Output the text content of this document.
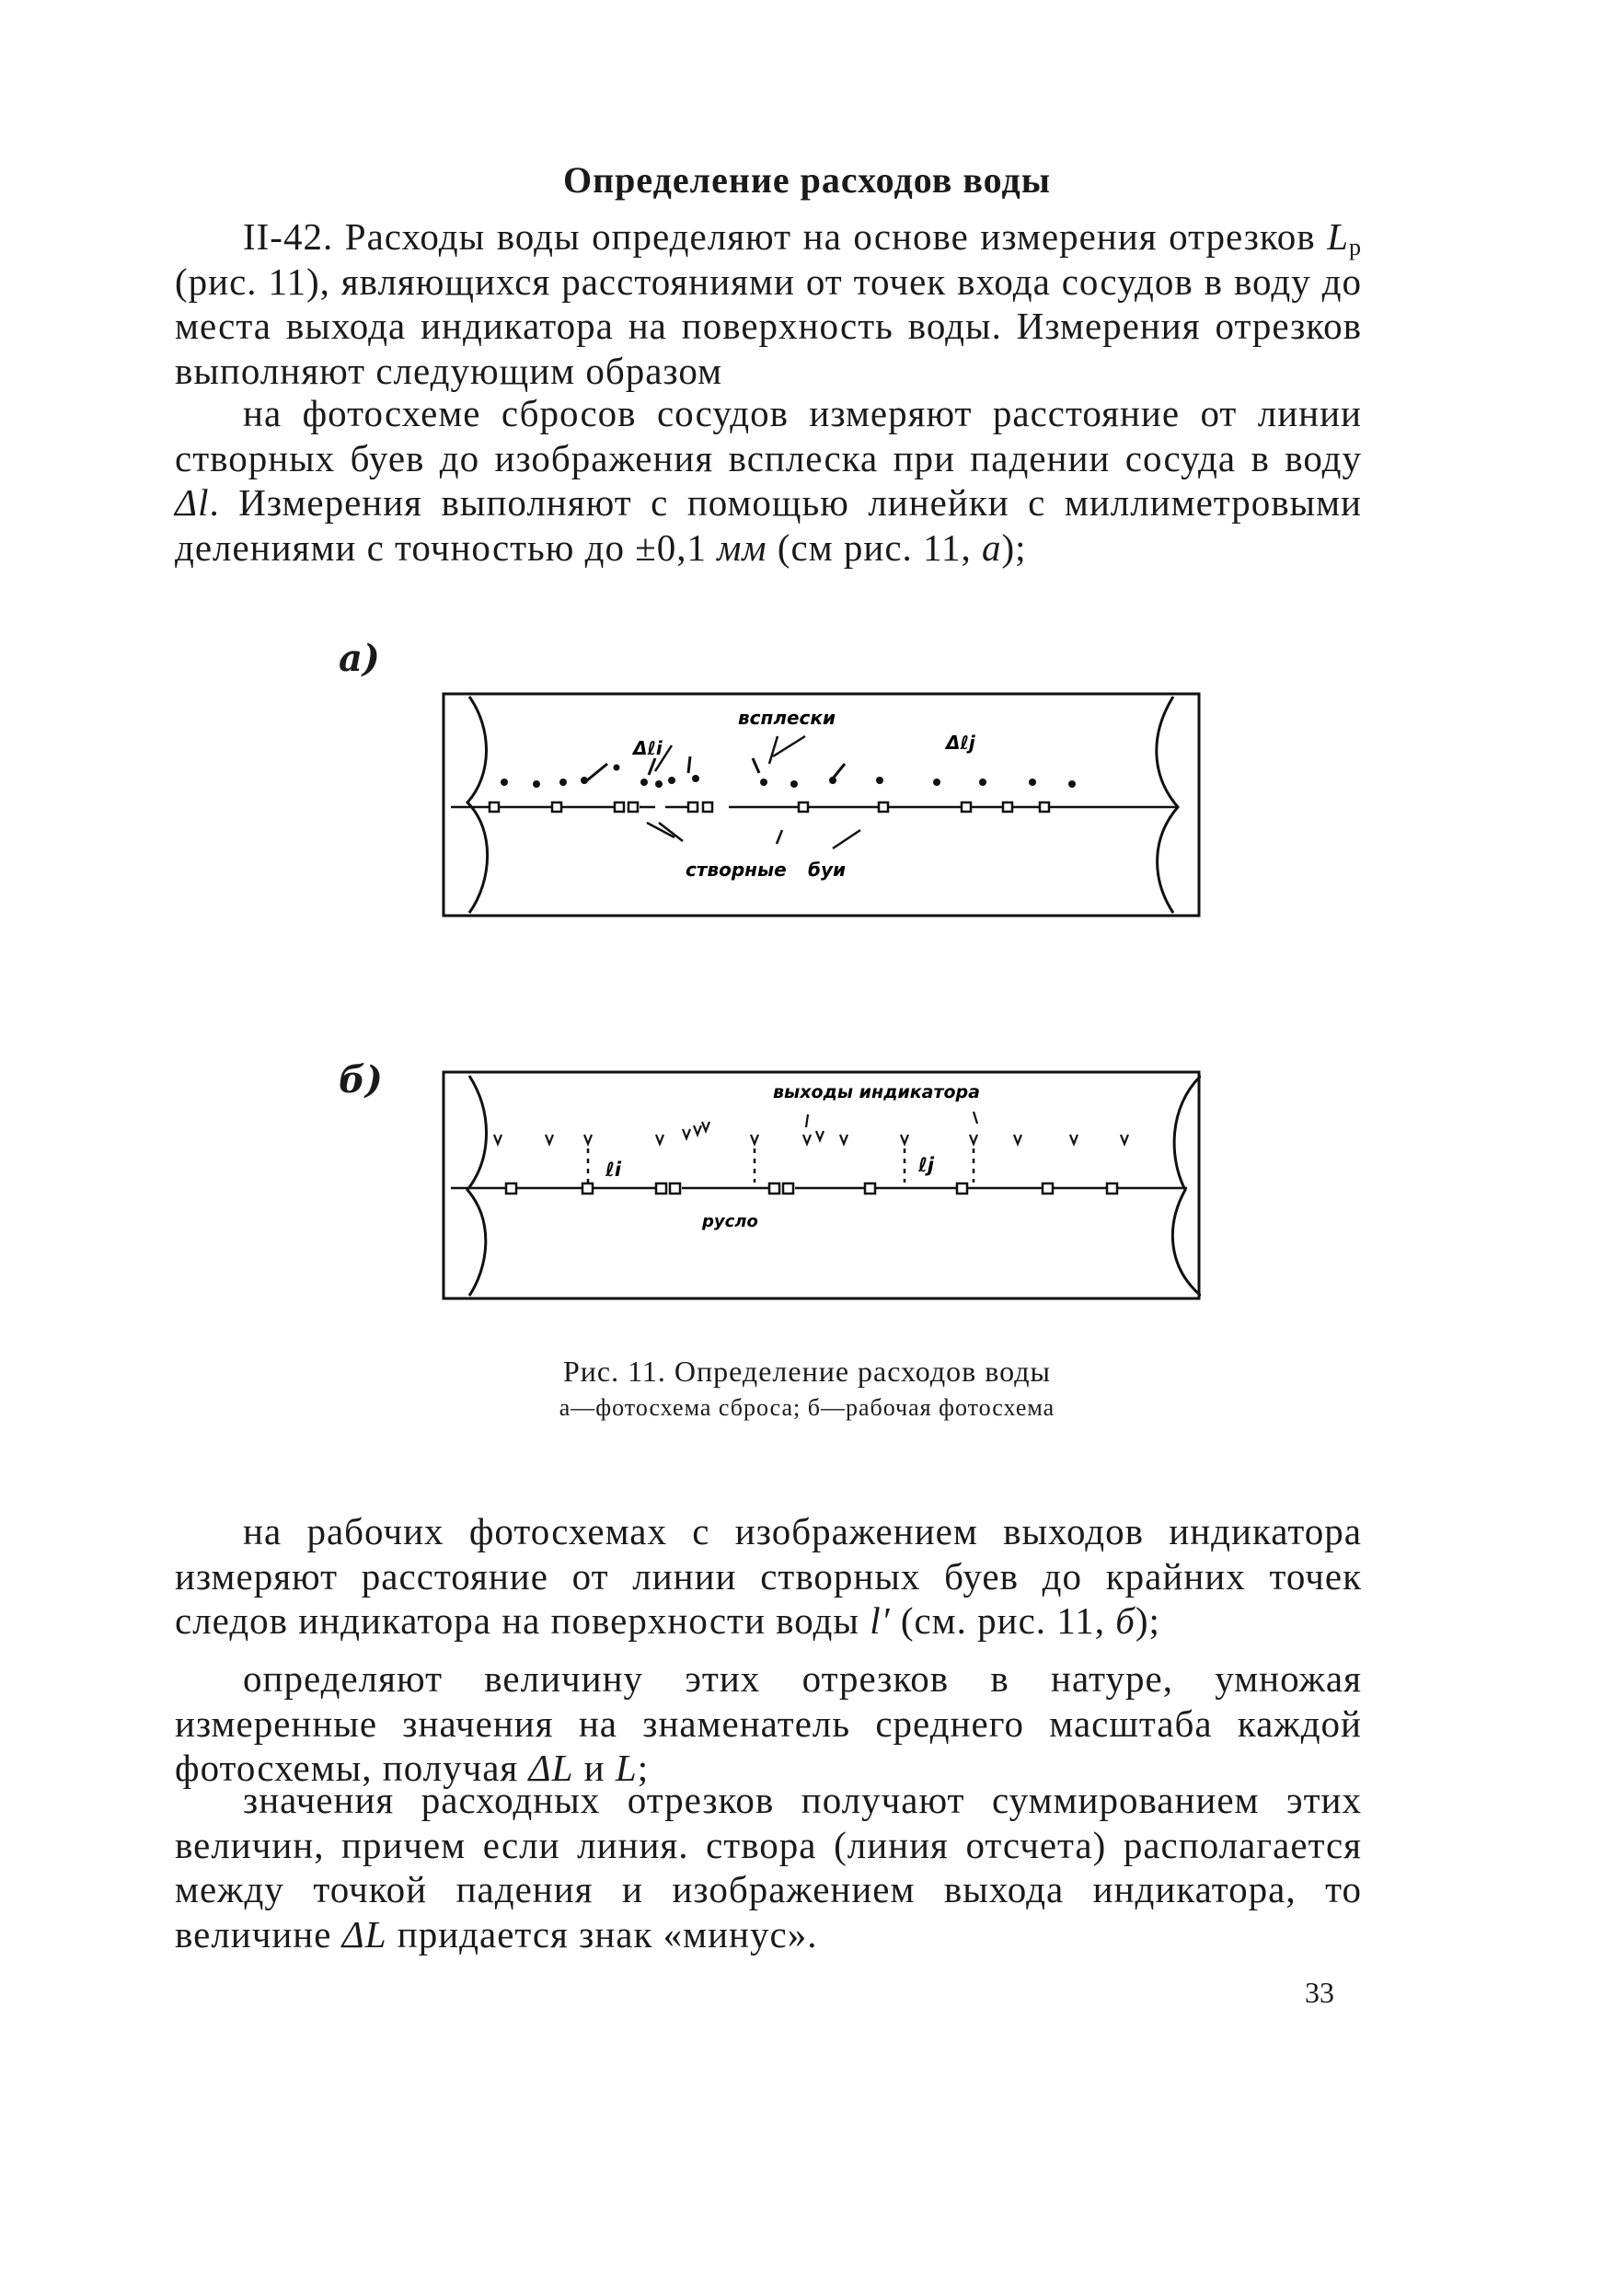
Определение расходов воды

II-42. Расходы воды определяют на основе измерения отрезков $L_р$ (рис. 11), являющихся расстояниями от точек входа сосудов в воду до места выхода индикатора на поверхность воды. Измерения отрезков выполняют следующим образом

на фотосхеме сбросов сосудов измеряют расстояние от линии створных буев до изображения всплеска при падении сосуда в воду Δl. Измерения выполняют с помощью линейки с миллиметровыми делениями с точностью до ±0,1 мм (см рис. 11, а);

а)
всплески
Δℓi	Δℓj
створные буи
б)	выходы индикатора
ℓi	ℓj
русло
Рис. 11. Определение расходов воды
а—фотосхема сброса; б—рабочая фотосхема

на рабочих фотосхемах с изображением выходов индикатора измеряют расстояние от линии створных буев до крайних точек следов индикатора на поверхности воды l′ (см. рис. 11, б);

определяют величину этих отрезков в натуре, умножая измеренные значения на знаменатель среднего масштаба каждой фотосхемы, получая ΔL и L;

значения расходных отрезков получают суммированием этих величин, причем если линия. створа (линия отсчета) располагается между точкой падения и изображением выхода индикатора, то величине ΔL придается знак «минус».

33
